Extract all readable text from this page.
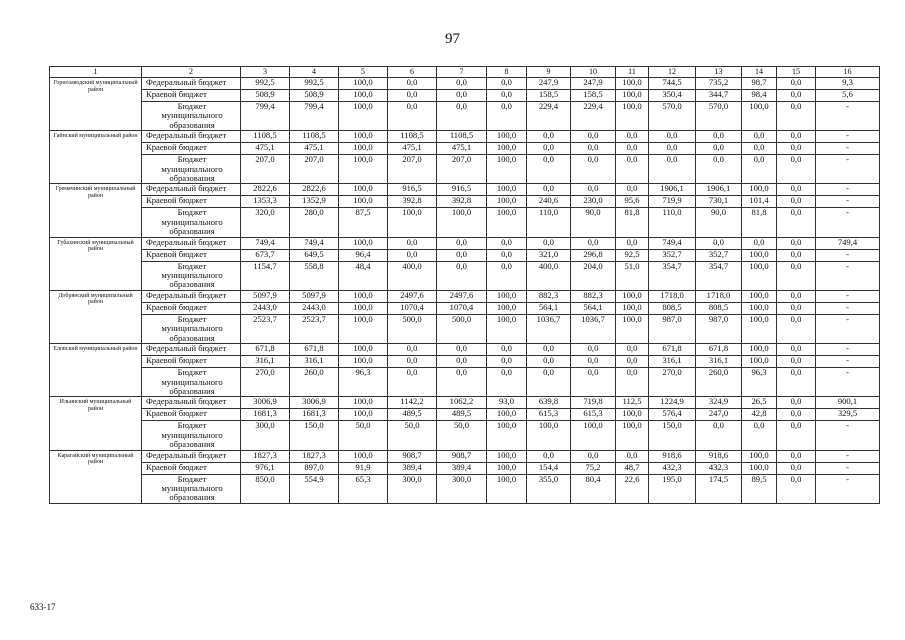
97
1	2	3	4	5	6	7	8	9	10	11	12	13	14	15	16
Горнозаводский муниципальный район	Федеральный бюджет	992,5	992,5	100,0	0,0	0,0	0,0	247,9	247,9	100,0	744,5	735,2	98,7	0,0	9,3
	Краевой бюджет	508,9	508,9	100,0	0,0	0,0	0,0	158,5	158,5	100,0	350,4	344,7	98,4	0,0	5,6
	Бюджет муниципального образования	799,4	799,4	100,0	0,0	0,0	0,0	229,4	229,4	100,0	570,0	570,0	100,0	0,0	-
Гайнский муниципальный район	Федеральный бюджет	1108,5	1108,5	100,0	1108,5	1108,5	100,0	0,0	0,0	0,0	0,0	0,0	0,0	0,0	-
	Краевой бюджет	475,1	475,1	100,0	475,1	475,1	100,0	0,0	0,0	0,0	0,0	0,0	0,0	0,0	-
	Бюджет муниципального образования	207,0	207,0	100,0	207,0	207,0	100,0	0,0	0,0	0,0	0,0	0,0	0,0	0,0	-
Гремячинский муниципальный район	Федеральный бюджет	2822,6	2822,6	100,0	916,5	916,5	100,0	0,0	0,0	0,0	1906,1	1906,1	100,0	0,0	-
	Краевой бюджет	1353,3	1352,9	100,0	392,8	392,8	100,0	240,6	230,0	95,6	719,9	730,1	101,4	0,0	-
	Бюджет муниципального образования	320,0	280,0	87,5	100,0	100,0	100,0	110,0	90,0	81,8	110,0	90,0	81,8	0,0	-
Губахинский муниципальный район	Федеральный бюджет	749,4	749,4	100,0	0,0	0,0	0,0	0,0	0,0	0,0	749,4	0,0	0,0	0,0	749,4
	Краевой бюджет	673,7	649,5	96,4	0,0	0,0	0,0	321,0	296,8	92,5	352,7	352,7	100,0	0,0	-
	Бюджет муниципального образования	1154,7	558,8	48,4	400,0	0,0	0,0	400,0	204,0	51,0	354,7	354,7	100,0	0,0	-
Добрянский муниципальный район	Федеральный бюджет	5097,9	5097,9	100,0	2497,6	2497,6	100,0	882,3	882,3	100,0	1718,0	1718,0	100,0	0,0	-
	Краевой бюджет	2443,0	2443,0	100,0	1070,4	1070,4	100,0	564,1	564,1	100,0	808,5	808,5	100,0	0,0	-
	Бюджет муниципального образования	2523,7	2523,7	100,0	500,0	500,0	100,0	1036,7	1036,7	100,0	987,0	987,0	100,0	0,0	-
Еловский муниципальный район	Федеральный бюджет	671,8	671,8	100,0	0,0	0,0	0,0	0,0	0,0	0,0	671,8	671,8	100,0	0,0	-
	Краевой бюджет	316,1	316,1	100,0	0,0	0,0	0,0	0,0	0,0	0,0	316,1	316,1	100,0	0,0	-
	Бюджет муниципального образования	270,0	260,0	96,3	0,0	0,0	0,0	0,0	0,0	0,0	270,0	260,0	96,3	0,0	-
Ильинский муниципальный район	Федеральный бюджет	3006,9	3006,9	100,0	1142,2	1062,2	93,0	639,8	719,8	112,5	1224,9	324,9	26,5	0,0	900,1
	Краевой бюджет	1681,3	1681,3	100,0	489,5	489,5	100,0	615,3	615,3	100,0	576,4	247,0	42,8	0,0	329,5
	Бюджет муниципального образования	300,0	150,0	50,0	50,0	50,0	100,0	100,0	100,0	100,0	150,0	0,0	0,0	0,0	-
Карагайский муниципальный район	Федеральный бюджет	1827,3	1827,3	100,0	908,7	908,7	100,0	0,0	0,0	0,0	918,6	918,6	100,0	0,0	-
	Краевой бюджет	976,1	897,0	91,9	389,4	389,4	100,0	154,4	75,2	48,7	432,3	432,3	100,0	0,0	-
	Бюджет муниципального образования	850,0	554,9	65,3	300,0	300,0	100,0	355,0	80,4	22,6	195,0	174,5	89,5	0,0	-
633-17
